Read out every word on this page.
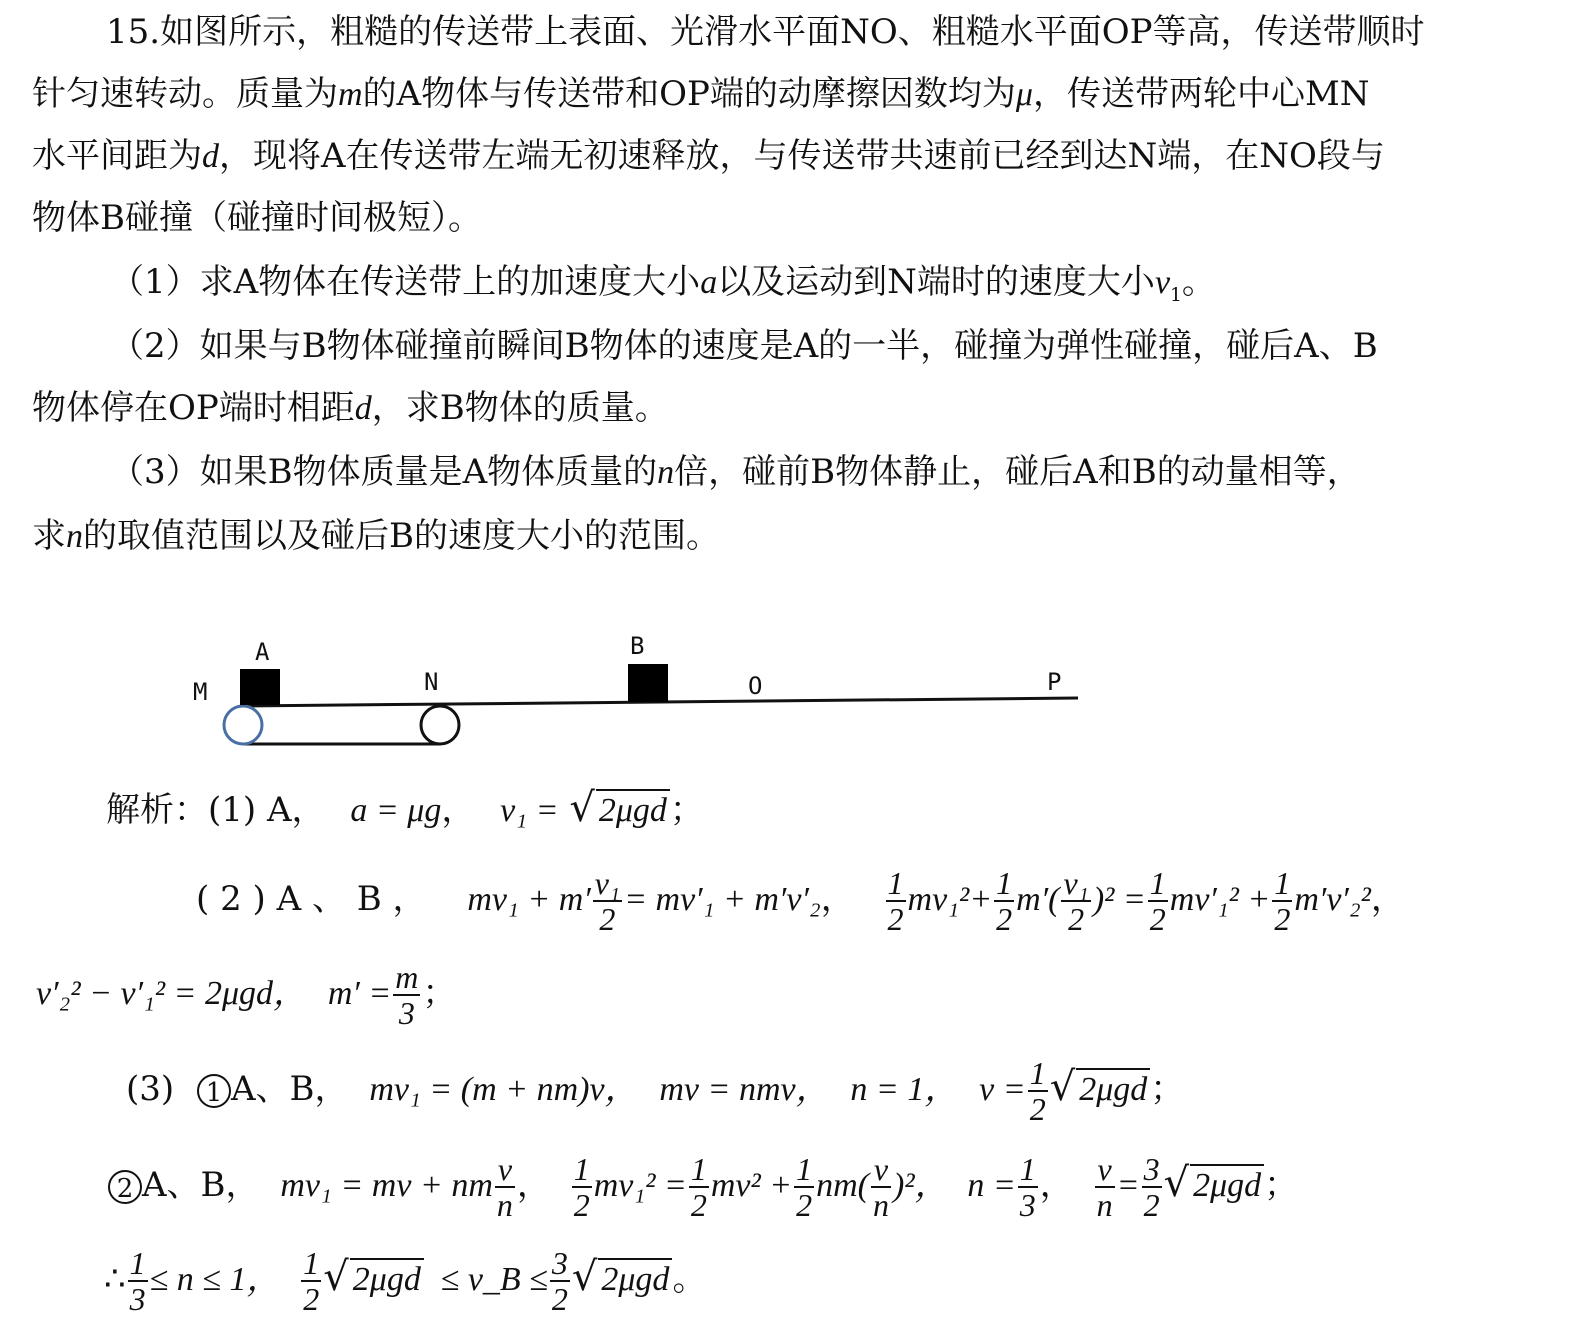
15.如图所示，粗糙的传送带上表面、光滑水平面NO、粗糙水平面OP等高，传送带顺时
针匀速转动。质量为m的A物体与传送带和OP端的动摩擦因数均为μ，传送带两轮中心MN
水平间距为d，现将A在传送带左端无初速释放，与传送带共速前已经到达N端，在NO段与
物体B碰撞（碰撞时间极短）。
（1）求A物体在传送带上的加速度大小a以及运动到N端时的速度大小$v_1$。
（2）如果与B物体碰撞前瞬间B物体的速度是A的一半，碰撞为弹性碰撞，碰后A、B
物体停在OP端时相距d，求B物体的质量。
（3）如果B物体质量是A物体质量的n倍，碰前B物体静止，碰后A和B的动量相等，
求n的取值范围以及碰后B的速度大小的范围。
A	B
M	N	O	P
解析：(1) A， a = μg， v₁ = √ 2μgd；
( 2 ) A 、 B ， $mv_1 + m' \frac{\text{v₁}}{2} = mv'_1 + m'v'_2$， $\frac{1}{2} mv_1^2+ \frac{1}{2} m'( \frac{\text{v₁}}{2} )^2 = \frac{1}{2} mv'_1^2 + \frac{1}{2} m'v'_2^2$，
v′₂² − v′₁² = 2μgd， $m' = \frac{m}{3}$ ；
(3) 1 A、B， mv₁ = (m + nm)v， mv = nmv， n = 1， $v = \frac{1}{2}$ √ 2μgd；
2 A、B， mv₁ = mv + nm $\frac{v}{n}$ ， $\frac{1}{2} mv_1^2 = \frac{1}{2} mv^2 + \frac{1}{2} nm( \frac{v}{n} )^2$， $n = \frac{1}{3}$ ， $\frac{v}{n} = \frac{3}{2}$ √ 2μgd；
∴ $\frac{1}{3} \le n \le 1$， $\frac{1}{2}$ √ 2μgd ≤ v_B ≤ $\frac{3}{2}$ √ 2μgd。
